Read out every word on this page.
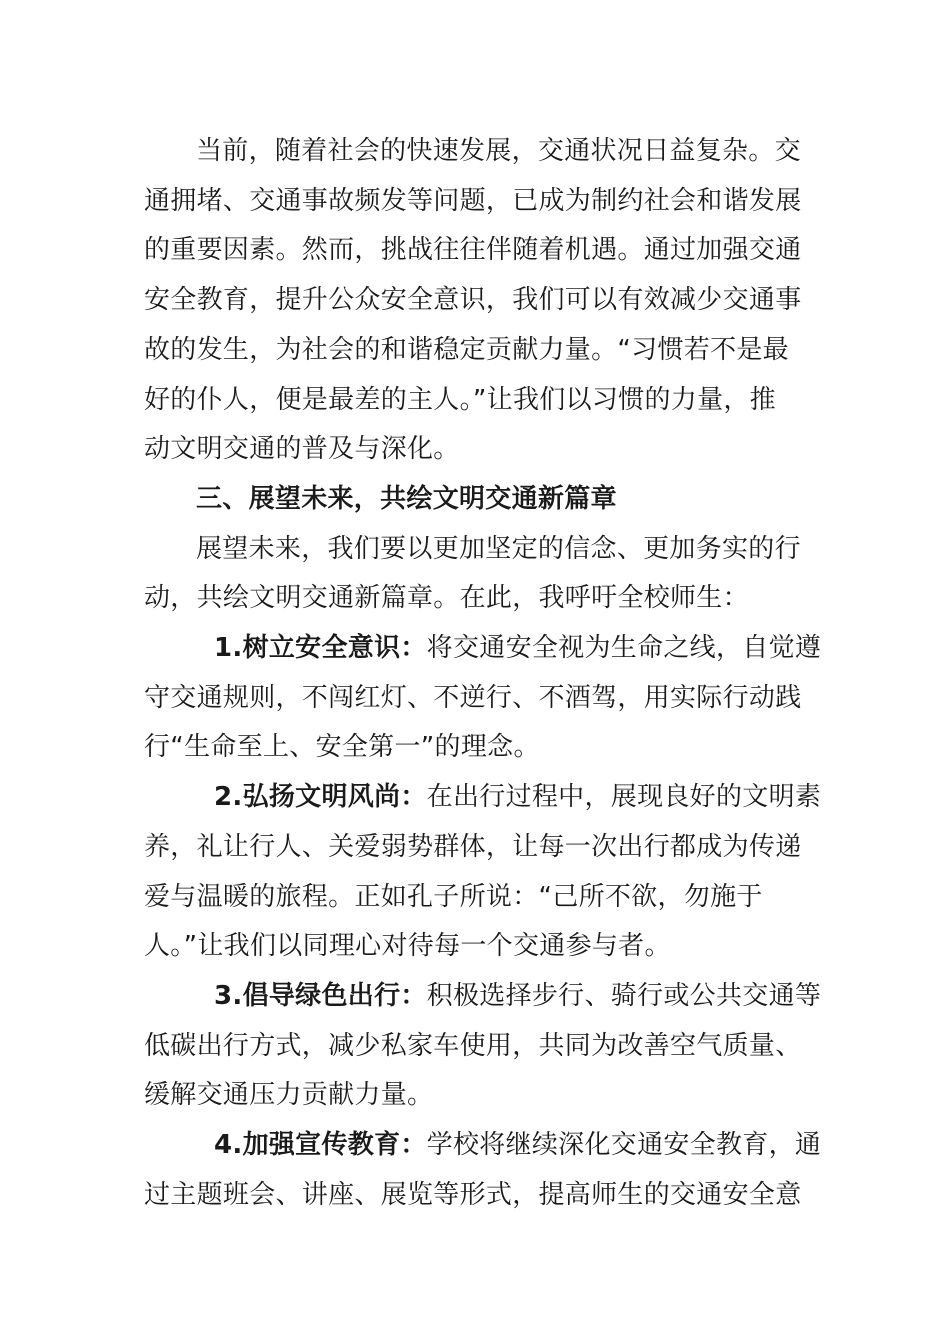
当前，随着社会的快速发展，交通状况日益复杂。交
通拥堵、交通事故频发等问题，已成为制约社会和谐发展
的重要因素。然而，挑战往往伴随着机遇。通过加强交通
安全教育，提升公众安全意识，我们可以有效减少交通事
故的发生，为社会的和谐稳定贡献力量。“习惯若不是最
好的仆人，便是最差的主人。”让我们以习惯的力量，推
动文明交通的普及与深化。

三、展望未来，共绘文明交通新篇章

展望未来，我们要以更加坚定的信念、更加务实的行
动，共绘文明交通新篇章。在此，我呼吁全校师生：

1.树立安全意识：将交通安全视为生命之线，自觉遵
守交通规则，不闯红灯、不逆行、不酒驾，用实际行动践
行“生命至上、安全第一”的理念。

2.弘扬文明风尚：在出行过程中，展现良好的文明素
养，礼让行人、关爱弱势群体，让每一次出行都成为传递
爱与温暖的旅程。正如孔子所说：“己所不欲，勿施于
人。”让我们以同理心对待每一个交通参与者。

3.倡导绿色出行：积极选择步行、骑行或公共交通等
低碳出行方式，减少私家车使用，共同为改善空气质量、
缓解交通压力贡献力量。

4.加强宣传教育：学校将继续深化交通安全教育，通
过主题班会、讲座、展览等形式，提高师生的交通安全意
